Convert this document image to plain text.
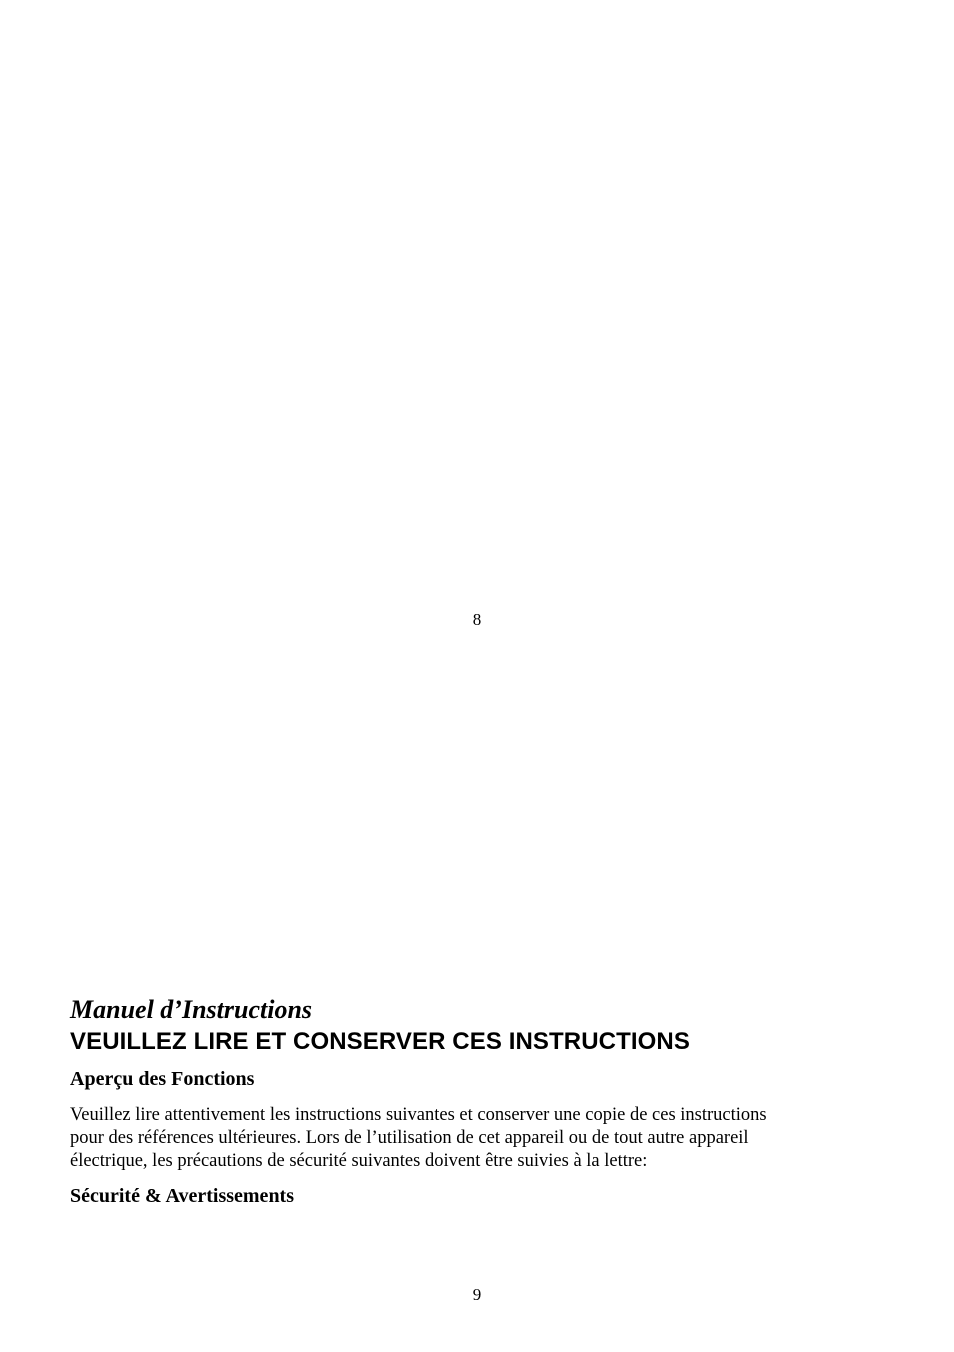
8
Manuel d’Instructions
VEUILLEZ LIRE ET CONSERVER CES INSTRUCTIONS
Aperçu des Fonctions

Veuillez lire attentivement les instructions suivantes et conserver une copie de ces instructions
pour des références ultérieures. Lors de l’utilisation de cet appareil ou de tout autre appareil
électrique, les précautions de sécurité suivantes doivent être suivies à la lettre:

Sécurité & Avertissements
9
